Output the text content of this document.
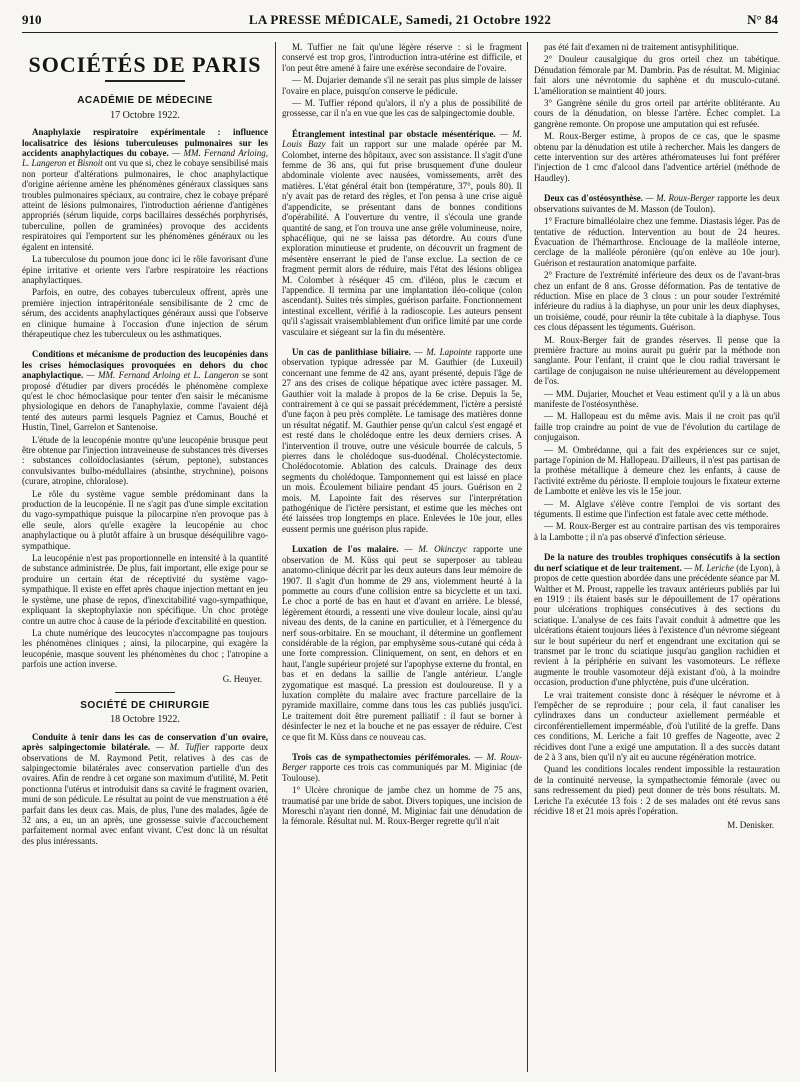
910	LA PRESSE MÉDICALE, Samedi, 21 Octobre 1922	N° 84
SOCIÉTÉS DE PARIS
ACADÉMIE DE MÉDECINE
17 Octobre 1922.

Anaphylaxie respiratoire expérimentale : influence localisatrice des lésions tuberculeuses pulmonaires sur les accidents anaphylactiques du cobaye. — MM. Fernand Arloing, L. Langeron et Bisnoit ont vu que si, chez le cobaye sensibilisé mais non porteur d'altérations pulmonaires, le choc anaphylactique d'origine aérienne amène les phénomènes généraux classiques sans troubles pulmonaires spéciaux, au contraire, chez le cobaye préparé atteint de lésions pulmonaires, l'introduction aérienne d'antigènes appropriés (sérum liquide, corps bacillaires desséchés porphyrisés, tuberculine, pollen de graminées) provoque des accidents respiratoires qui l'emportent sur les phénomènes généraux ou les égalent en intensité.

La tuberculose du poumon joue donc ici le rôle favorisant d'une épine irritative et oriente vers l'arbre respiratoire les réactions anaphylactiques.

Parfois, en outre, des cobayes tuberculeux offrent, après une première injection intrapéritonéale sensibilisante de 2 cmc de sérum, des accidents anaphylactiques généraux aussi que l'observe en clinique humaine à l'occasion d'une injection de sérum thérapeutique chez les tuberculeux ou les asthmatiques.

Conditions et mécanisme de production des leucopénies dans les crises hémoclasiques provoquées en dehors du choc anaphylactique. — MM. Fernand Arloing et L. Langeron se sont proposé d'étudier par divers procédés le phénomène complexe qu'est le choc hémoclasique pour tenter d'en saisir le mécanisme physiologique en dehors de l'anaphylaxie, comme l'avaient déjà tenté des auteurs parmi lesquels Pagniez et Camus, Bouché et Hustin, Tinel, Garrelon et Santenoise.

L'étude de la leucopénie montre qu'une leucopénie brusque peut être obtenue par l'injection intraveineuse de substances très diverses : substances colloïdoclasiantes (sérum, peptone), substances convulsivantes bulbo-médullaires (absinthe, strychnine), poisons (curare, atropine, chloralose).

Le rôle du système vague semble prédominant dans la production de la leucopénie. Il ne s'agit pas d'une simple excitation du vago-sympathique puisque la pilocarpine n'en provoque pas à elle seule, alors qu'elle exagère la leucopénie au choc anaphylactique ou à plutôt affaire à un brusque déséquilibre vago-sympathique.

La leucopénie n'est pas proportionnelle en intensité à la quantité de substance administrée. De plus, fait important, elle exige pour se produire un certain état de réceptivité du système vago-sympathique. Il existe en effet après chaque injection mettant en jeu le système, une phase de repos, d'inexcitabilité vago-sympathique, expliquant la skeptophylaxie non spécifique. Un choc protège contre un autre choc à cause de la période d'excitabilité en question.

La chute numérique des leucocytes n'accompagne pas toujours les phénomènes cliniques ; ainsi, la pilocarpine, qui exagère la leucopénie, masque souvent les phénomènes du choc ; l'atropine a parfois une action inverse.

G. Heuyer.
SOCIÉTÉ DE CHIRURGIE
18 Octobre 1922.

Conduite à tenir dans les cas de conservation d'un ovaire, après salpingectomie bilatérale. — M. Tuffier rapporte deux observations de M. Raymond Petit, relatives à des cas de salpingectomie bilatérales avec conservation partielle d'un des ovaires. Afin de rendre à cet organe son maximum d'utilité, M. Petit ponctionna l'utérus et introduisit dans sa cavité le fragment ovarien, muni de son pédicule. Le résultat au point de vue menstruation a été parfait dans les deux cas. Mais, de plus, l'une des malades, âgée de 32 ans, a eu, un an après, une grossesse suivie d'accouchement parfaitement normal avec enfant vivant. C'est donc là un résultat des plus intéressants.

M. Tuffier ne fait qu'une légère réserve : si le fragment conservé est trop gros, l'introduction intra-utérine est difficile, et l'on peut être amené à faire une exérèse secondaire de l'ovaire.

— M. Dujarier demande s'il ne serait pas plus simple de laisser l'ovaire en place, puisqu'on conserve le pédicule.

— M. Tuffier répond qu'alors, il n'y a plus de possibilité de grossesse, car il n'a en vue que les cas de salpingectomie double.

Étranglement intestinal par obstacle mésentérique. — M. Louis Bazy fait un rapport sur une malade opérée par M. Colombet, interne des hôpitaux, avec son assistance. Il s'agit d'une femme de 36 ans, qui fut prise brusquement d'une douleur abdominale violente avec nausées, vomissements, arrêt des matières. L'état général était bon (température, 37°, pouls 80). Il n'y avait pas de retard des règles, et l'on pensa à une crise aiguë d'appendicite, se présentant dans de bonnes conditions d'opérabilité. A l'ouverture du ventre, il s'écoula une grande quantité de sang, et l'on trouva une anse grêle volumineuse, noire, sphacélique, qui ne se laissa pas détordre. Au cours d'une exploration minutieuse et prudente, on découvrit un fragment de mésentère enserrant le pied de l'anse exclue. La section de ce fragment permit alors de réduire, mais l'état des lésions obligea M. Colombet à réséquer 45 cm. d'iléon, plus le cæcum et l'appendice. Il termina par une implantation iléo-colique (colon ascendant). Suites très simples, guérison parfaite. Fonctionnement intestinal excellent, vérifié à la radioscopie. Les auteurs pensent qu'il s'agissait vraisemblablement d'un orifice limité par une corde vasculaire et siégeant sur la fin du mésentère.

Un cas de panlithiase biliaire. — M. Lapointe rapporte une observation typique adressée par M. Gauthier (de Luxeuil) concernant une femme de 42 ans, ayant présenté, depuis l'âge de 27 ans des crises de colique hépatique avec ictère passager. M. Gauthier voit la malade à propos de la 6e crise. Depuis la 5e, contrairement à ce qui se passait précédemment, l'ictère a persisté d'une façon à peu près complète. Le tamisage des matières donne un résultat négatif. M. Gauthier pense qu'un calcul s'est engagé et est resté dans le cholédoque entre les deux derniers crises. A l'intervention il trouve, outre une vésicule bourrée de calculs, 5 pierres dans le cholédoque sus-duodénal. Cholécystectomie. Cholédocotomie. Ablation des calculs. Drainage des deux segments du cholédoque. Tamponnement qui est laissé en place un mois. Écoulement biliaire pendant 45 jours. Guérison en 2 mois. M. Lapointe fait des réserves sur l'interprétation pathogénique de l'ictère persistant, et estime que les mèches ont été laissées trop longtemps en place. Enlevées le 10e jour, elles eussent permis une guérison plus rapide.

Luxation de l'os malaire. — M. Okinczyc rapporte une observation de M. Küss qui peut se superposer au tableau anatomo-clinique décrit par les deux auteurs dans leur mémoire de 1907. Il s'agit d'un homme de 29 ans, violemment heurté à la pommette au cours d'une collision entre sa bicyclette et un taxi. Le choc a porté de bas en haut et d'avant en arrière. Le blessé, légèrement étourdi, a ressenti une vive douleur locale, ainsi qu'au niveau des dents, de la canine en particulier, et à l'émergence du nerf sous-orbitaire. En se mouchant, il détermine un gonflement considérable de la région, par emphysème sous-cutané qui céda à une forte compression. Cliniquement, on sent, en dehors et en haut, l'angle supérieur projeté sur l'apophyse externe du frontal, en bas et en dedans la saillie de l'angle antérieur. L'angle zygomatique est masqué. La pression est douloureuse. Il y a luxation complète du malaire avec fracture parcellaire de la pyramide maxillaire, comme dans tous les cas publiés jusqu'ici. Le traitement doit être purement palliatif : il faut se borner à désinfecter le nez et la bouche et ne pas essayer de réduire. C'est ce que fit M. Küss dans ce nouveau cas.

Trois cas de sympathectomies périfémorales. — M. Roux-Berger rapporte ces trois cas communiqués par M. Miginiac (de Toulouse).

1° Ulcère chronique de jambe chez un homme de 75 ans, traumatisé par une bride de sabot. Divers topiques, une incision de Moreschi n'ayant rien donné, M. Miginiac fait une dénudation de la fémorale. Résultat nul. M. Roux-Berger regrette qu'il n'ait

pas été fait d'examen ni de traitement antisyphilitique.

2° Douleur causalgique du gros orteil chez un tabétique. Dénudation fémorale par M. Dambrin. Pas de résultat. M. Miginiac fait alors une névrotomie du saphène et du musculo-cutané. L'amélioration se maintient 40 jours.

3° Gangrène sénile du gros orteil par artérite oblitérante. Au cours de la dénudation, on blesse l'artère. Échec complet. La gangrène remonte. On propose une amputation qui est refusée.

M. Roux-Berger estime, à propos de ce cas, que le spasme obtenu par la dénudation est utile à rechercher. Mais les dangers de cette intervention sur des artères athéromateuses lui font préférer l'injection de 1 cmc d'alcool dans l'adventice artériel (méthode de Haudley).

Deux cas d'ostéosynthèse. — M. Roux-Berger rapporte les deux observations suivantes de M. Masson (de Toulon).

1° Fracture bimalléolaire chez une femme. Diastasis léger. Pas de tentative de réduction. Intervention au bout de 24 heures. Évacuation de l'hémarthrose. Enclouage de la malléole interne, cerclage de la malléole péronière (qu'on enlève au 10e jour). Guérison et restauration anatomique parfaite.

2° Fracture de l'extrémité inférieure des deux os de l'avant-bras chez un enfant de 8 ans. Grosse déformation. Pas de tentative de réduction. Mise en place de 3 clous : un pour souder l'extrémité inférieure du radius à la diaphyse, un pour unir les deux diaphyses, un troisième, coudé, pour réunir la tête cubitale à la diaphyse. Tous ces clous dépassent les téguments. Guérison.

M. Roux-Berger fait de grandes réserves. Il pense que la première fracture au moins aurait pu guérir par la méthode non sanglante. Pour l'enfant, il craint que le clou radial traversant le cartilage de conjugaison ne nuise ultérieurement au développement de l'os.

— MM. Dujarier, Mouchet et Veau estiment qu'il y a là un abus manifeste de l'ostéosynthèse.

— M. Hallopeau est du même avis. Mais il ne croit pas qu'il faille trop craindre au point de vue de l'évolution du cartilage de conjugaison.

— M. Ombrédanne, qui a fait des expériences sur ce sujet, partage l'opinion de M. Hallopeau. D'ailleurs, il n'est pas partisan de la prothèse métallique à demeure chez les enfants, à cause de l'activité extrême du périoste. Il emploie toujours le fixateur externe de Lambotte et enlève les vis le 15e jour.

— M. Alglave s'élève contre l'emploi de vis sortant des téguments. Il estime que l'infection est fatale avec cette méthode.

— M. Roux-Berger est au contraire partisan des vis temporaires à la Lambotte ; il n'a pas observé d'infection sérieuse.

De la nature des troubles trophiques consécutifs à la section du nerf sciatique et de leur traitement. — M. Leriche (de Lyon), à propos de cette question abordée dans une précédente séance par M. Walther et M. Proust, rappelle les travaux antérieurs publiés par lui en 1919 : ils étaient basés sur le dépouillement de 17 opérations pour ulcérations trophiques consécutives à des sections du sciatique. L'analyse de ces faits l'avait conduit à admettre que les ulcérations étaient toujours liées à l'existence d'un névrome siégeant sur le bout supérieur du nerf et engendrant une excitation qui se transmet par le tronc du sciatique jusqu'au ganglion rachidien et revient à la périphérie en suivant les vasomoteurs. Le réflexe augmente le trouble vasomoteur déjà existant d'où, à la moindre occasion, production d'une phlyctène, puis d'une ulcération.

Le vrai traitement consiste donc à réséquer le névrome et à l'empêcher de se reproduire ; pour cela, il faut canaliser les cylindraxes dans un conducteur axiellement perméable et circonférentiellement imperméable, d'où l'utilité de la greffe. Dans ces conditions, M. Leriche a fait 10 greffes de Nageotte, avec 2 récidives dont l'une a exigé une amputation. Il a des succès datant de 2 à 3 ans, bien qu'il n'y ait eu aucune régénération motrice.

Quand les conditions locales rendent impossible la restauration de la continuité nerveuse, la sympathectomie fémorale (avec ou sans redressement du pied) peut donner de très bons résultats. M. Leriche l'a exécutée 13 fois : 2 de ses malades ont été revus sans récidive 18 et 21 mois après l'opération.

M. Denisker.
